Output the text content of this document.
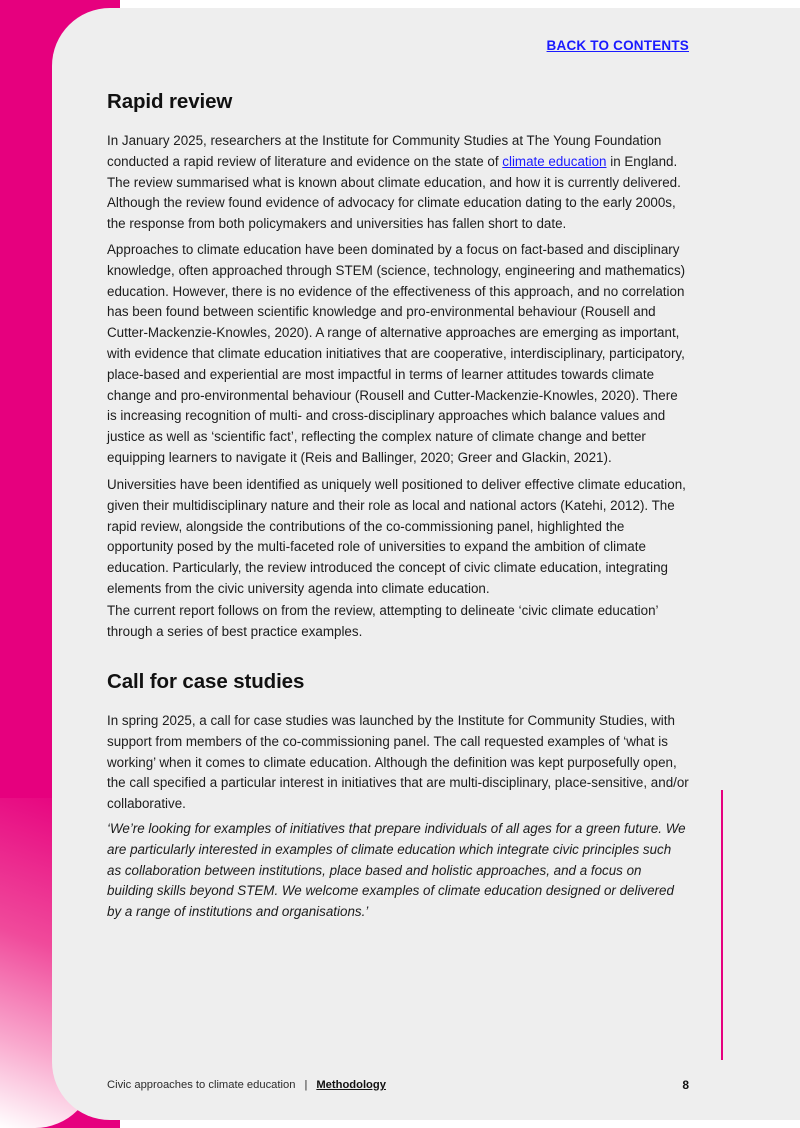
BACK TO CONTENTS
Rapid review

In January 2025, researchers at the Institute for Community Studies at The Young Foundation conducted a rapid review of literature and evidence on the state of climate education in England. The review summarised what is known about climate education, and how it is currently delivered. Although the review found evidence of advocacy for climate education dating to the early 2000s, the response from both policymakers and universities has fallen short to date.

Approaches to climate education have been dominated by a focus on fact-based and disciplinary knowledge, often approached through STEM (science, technology, engineering and mathematics) education. However, there is no evidence of the effectiveness of this approach, and no correlation has been found between scientific knowledge and pro-environmental behaviour (Rousell and Cutter-Mackenzie-Knowles, 2020). A range of alternative approaches are emerging as important, with evidence that climate education initiatives that are cooperative, interdisciplinary, participatory, place-based and experiential are most impactful in terms of learner attitudes towards climate change and pro-environmental behaviour (Rousell and Cutter-Mackenzie-Knowles, 2020). There is increasing recognition of multi- and cross-disciplinary approaches which balance values and justice as well as ‘scientific fact’, reflecting the complex nature of climate change and better equipping learners to navigate it (Reis and Ballinger, 2020; Greer and Glackin, 2021).

Universities have been identified as uniquely well positioned to deliver effective climate education, given their multidisciplinary nature and their role as local and national actors (Katehi, 2012). The rapid review, alongside the contributions of the co-commissioning panel, highlighted the opportunity posed by the multi-faceted role of universities to expand the ambition of climate education. Particularly, the review introduced the concept of civic climate education, integrating elements from the civic university agenda into climate education.

The current report follows on from the review, attempting to delineate ‘civic climate education’ through a series of best practice examples.

Call for case studies

In spring 2025, a call for case studies was launched by the Institute for Community Studies, with support from members of the co-commissioning panel. The call requested examples of ‘what is working’ when it comes to climate education. Although the definition was kept purposefully open, the call specified a particular interest in initiatives that are multi-disciplinary, place-sensitive, and/or collaborative.

‘We’re looking for examples of initiatives that prepare individuals of all ages for a green future. We are particularly interested in examples of climate education which integrate civic principles such as collaboration between institutions, place based and holistic approaches, and a focus on building skills beyond STEM. We welcome examples of climate education designed or delivered by a range of institutions and organisations.’

Civic approaches to climate education | Methodology	8
